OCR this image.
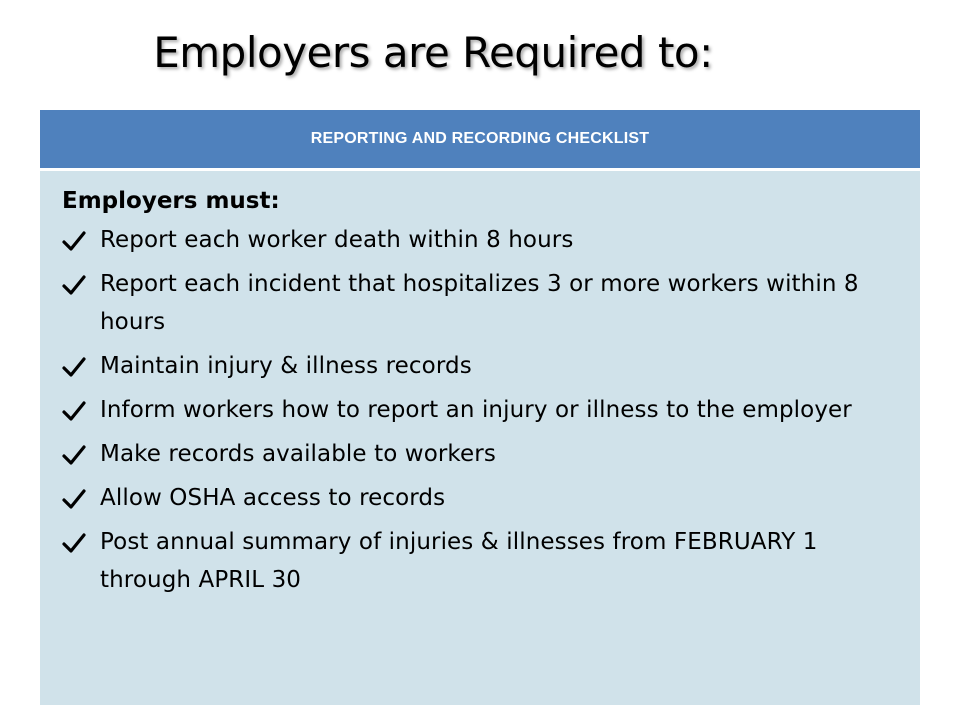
Employers are Required to:
REPORTING AND RECORDING CHECKLIST
Employers must:
Report each worker death within 8 hours
Report each incident that hospitalizes 3 or more workers within 8 hours
Maintain injury & illness records
Inform workers how to report an injury or illness to the employer
Make records available to workers
Allow OSHA access to records
Post annual summary of injuries & illnesses from FEBRUARY 1 through APRIL 30
